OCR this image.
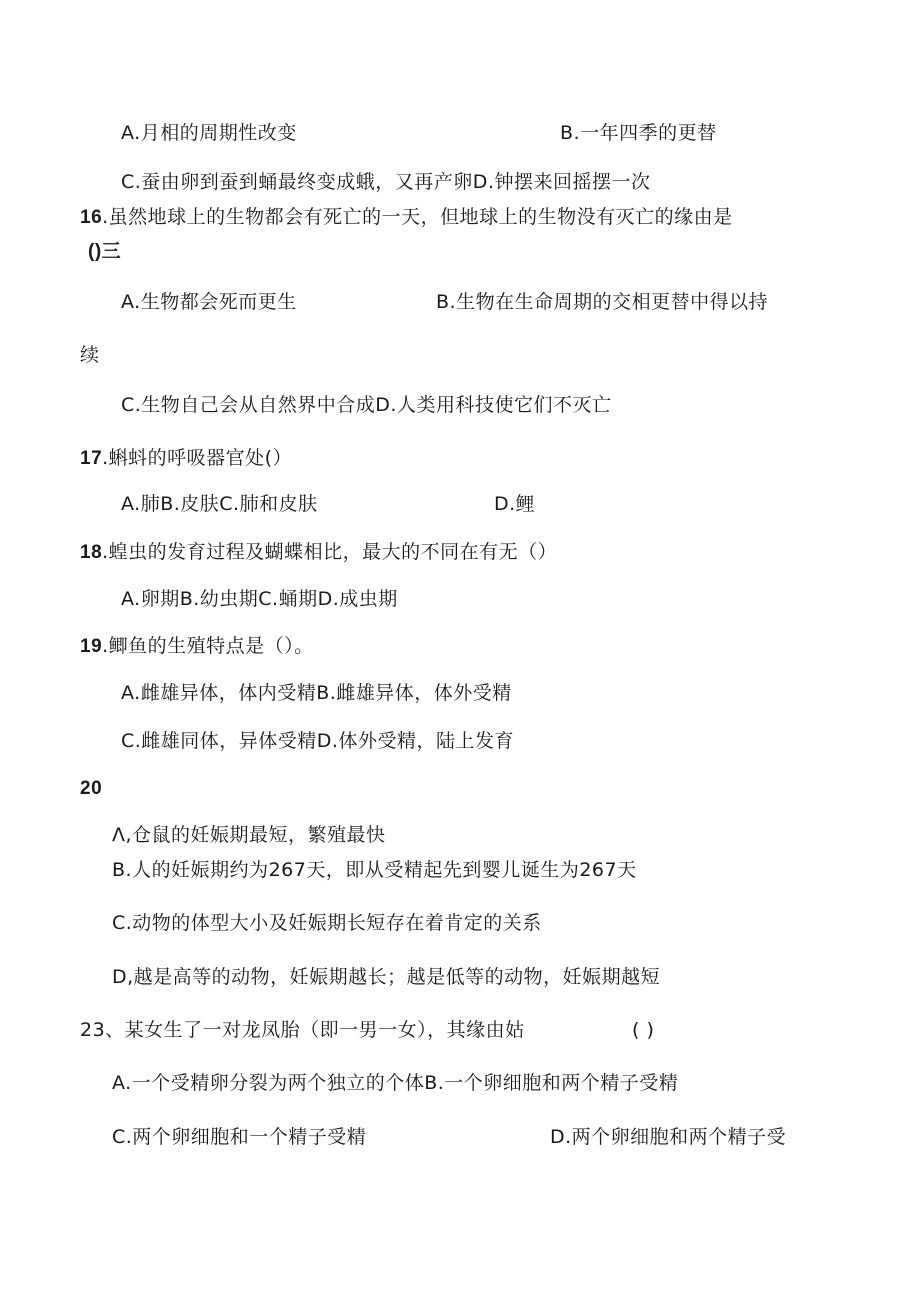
A.月相的周期性改变	B.一年四季的更替
C.蚕由卵到蚕到蛹最终变成蛾，又再产卵D.钟摆来回摇摆一次
16.虽然地球上的生物都会有死亡的一天，但地球上的生物没有灭亡的缘由是
()三
A.生物都会死而更生	B.生物在生命周期的交相更替中得以持
续
C.生物自己会从自然界中合成D.人类用科技使它们不灭亡
17.蝌蚪的呼吸器官处(）
A.肺B.皮肤C.肺和皮肤	D.鲤
18.蝗虫的发育过程及蝴蝶相比，最大的不同在有无（）
A.卵期B.幼虫期C.蛹期D.成虫期
19.鲫鱼的生殖特点是（）。
A.雌雄异体，体内受精B.雌雄异体，体外受精
C.雌雄同体，异体受精D.体外受精，陆上发育
20
Λ,仓鼠的妊娠期最短，繁殖最快
B.人的妊娠期约为267天，即从受精起先到婴儿诞生为267天
C.动物的体型大小及妊娠期长短存在着肯定的关系
D,越是高等的动物，妊娠期越长；越是低等的动物，妊娠期越短
23、某女生了一对龙凤胎（即一男一女），其缘由姑	( )
A.一个受精卵分裂为两个独立的个体B.一个卵细胞和两个精子受精
C.两个卵细胞和一个精子受精	D.两个卵细胞和两个精子受
